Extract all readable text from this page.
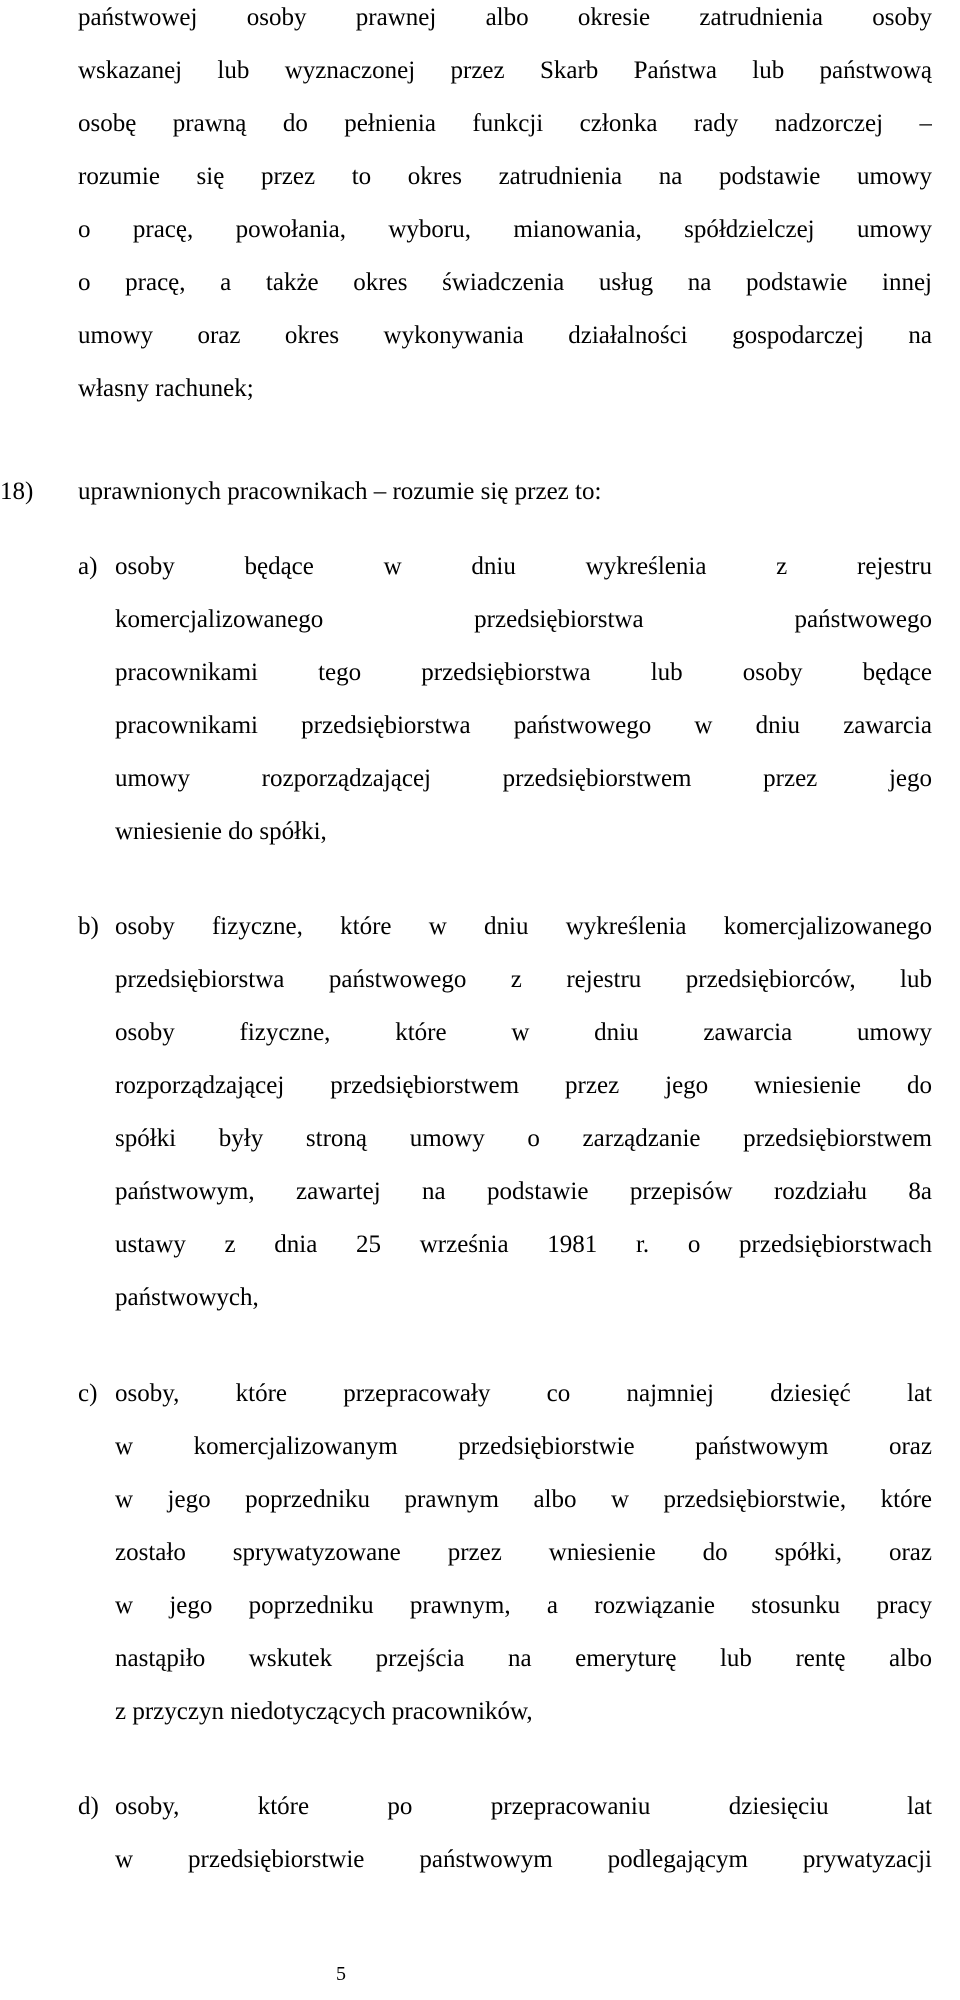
państwowej osoby prawnej albo okresie zatrudnienia osoby
wskazanej lub wyznaczonej przez Skarb Państwa lub państwową
osobę prawną do pełnienia funkcji członka rady nadzorczej –
rozumie się przez to okres zatrudnienia na podstawie umowy
o pracę, powołania, wyboru, mianowania, spółdzielczej umowy
o pracę, a także okres świadczenia usług na podstawie innej
umowy oraz okres wykonywania działalności gospodarczej na
własny rachunek;
18) uprawnionych pracownikach – rozumie się przez to:
a) osoby będące w dniu wykreślenia z rejestru
komercjalizowanego przedsiębiorstwa państwowego
pracownikami tego przedsiębiorstwa lub osoby będące
pracownikami przedsiębiorstwa państwowego w dniu zawarcia
umowy rozporządzającej przedsiębiorstwem przez jego
wniesienie do spółki,
b) osoby fizyczne, które w dniu wykreślenia komercjalizowanego
przedsiębiorstwa państwowego z rejestru przedsiębiorców, lub
osoby fizyczne, które w dniu zawarcia umowy
rozporządzającej przedsiębiorstwem przez jego wniesienie do
spółki były stroną umowy o zarządzanie przedsiębiorstwem
państwowym, zawartej na podstawie przepisów rozdziału 8a
ustawy z dnia 25 września 1981 r. o przedsiębiorstwach
państwowych,
c) osoby, które przepracowały co najmniej dziesięć lat
w komercjalizowanym przedsiębiorstwie państwowym oraz
w jego poprzedniku prawnym albo w przedsiębiorstwie, które
zostało sprywatyzowane przez wniesienie do spółki, oraz
w jego poprzedniku prawnym, a rozwiązanie stosunku pracy
nastąpiło wskutek przejścia na emeryturę lub rentę albo
z przyczyn niedotyczących pracowników,
d) osoby, które po przepracowaniu dziesięciu lat
w przedsiębiorstwie państwowym podlegającym prywatyzacji
5
